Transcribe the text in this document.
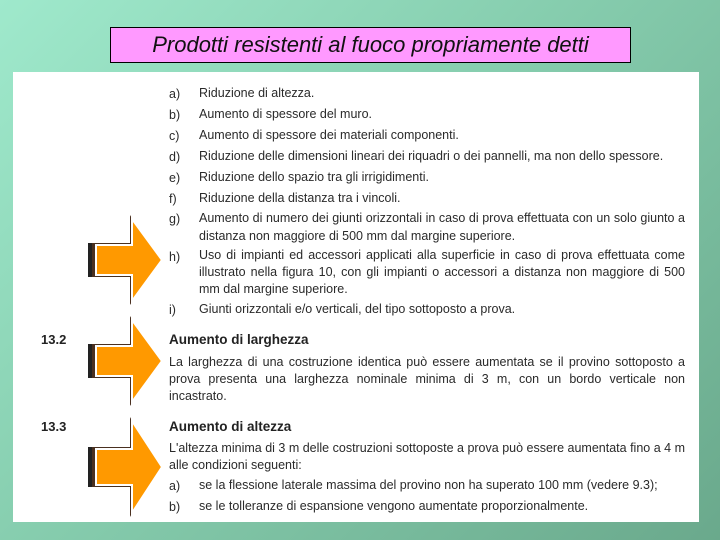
Prodotti resistenti al fuoco propriamente detti
a)	Riduzione di altezza.
b)	Aumento di spessore del muro.
c)	Aumento di spessore dei materiali componenti.
d)	Riduzione delle dimensioni lineari dei riquadri o dei pannelli, ma non dello spessore.
e)	Riduzione dello spazio tra gli irrigidimenti.
f)	Riduzione della distanza tra i vincoli.
g)	Aumento di numero dei giunti orizzontali in caso di prova effettuata con un solo giunto a distanza non maggiore di 500 mm dal margine superiore.
h)	Uso di impianti ed accessori applicati alla superficie in caso di prova effettuata come illustrato nella figura 10, con gli impianti o accessori a distanza non maggiore di 500 mm dal margine superiore.
i)	Giunti orizzontali e/o verticali, del tipo sottoposto a prova.
13.2	Aumento di larghezza
La larghezza di una costruzione identica può essere aumentata se il provino sottoposto a prova presenta una larghezza nominale minima di 3 m, con un bordo verticale non incastrato.
13.3	Aumento di altezza
L'altezza minima di 3 m delle costruzioni sottoposte a prova può essere aumentata fino a 4 m alle condizioni seguenti:
a)	se la flessione laterale massima del provino non ha superato 100 mm (vedere 9.3);
b)	se le tolleranze di espansione vengono aumentate proporzionalmente.
